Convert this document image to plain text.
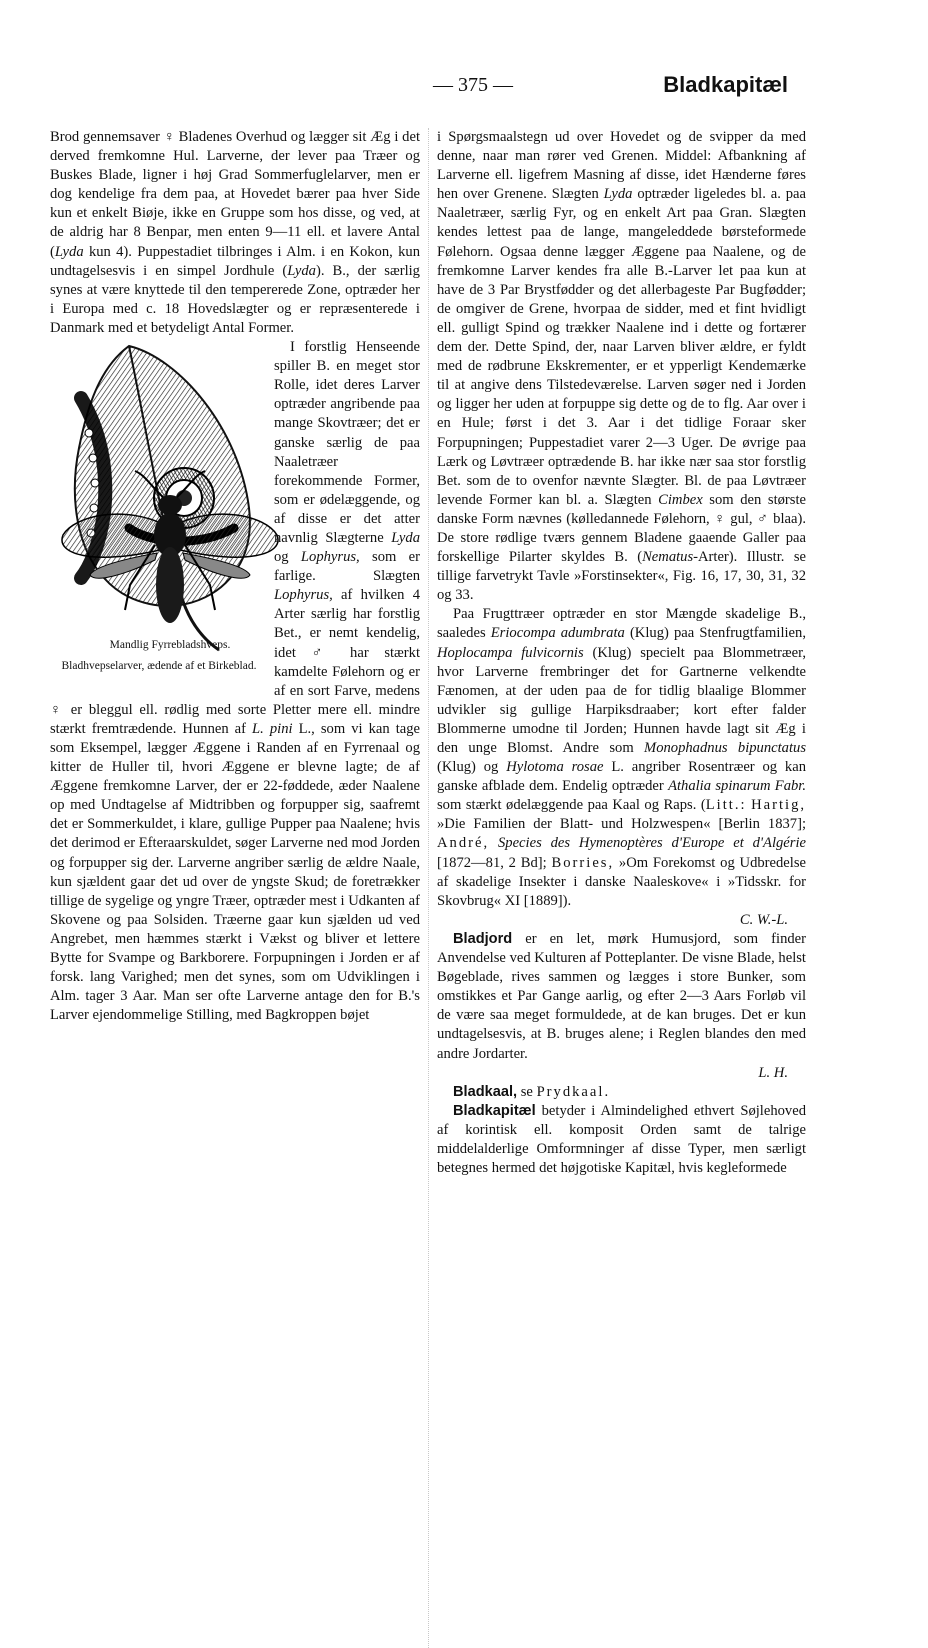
— 375 —	Bladkapitæl

Brod gennemsaver ♀ Bladenes Overhud og lægger sit Æg i det derved fremkomne Hul. Larverne, der lever paa Træer og Buskes Blade, ligner i høj Grad Sommerfuglelarver, men er dog kendelige fra dem paa, at Hovedet bærer paa hver Side kun et enkelt Biøje, ikke en Gruppe som hos disse, og ved, at de aldrig har 8 Benpar, men enten 9—11 ell. et lavere Antal (Lyda kun 4). Puppestadiet tilbringes i Alm. i en Kokon, kun undtagelsesvis i en simpel Jordhule (Lyda). B., der særlig synes at være knyttede til den tempererede Zone, optræder her i Europa med c. 18 Hovedslægter og er repræsenterede i Danmark med et betydeligt Antal Former.

Bladhvepselarver, ædende af et Birkeblad.

I forstlig Henseende spiller B. en meget stor Rolle, idet deres Larver optræder angribende paa mange Skovtræer; det er ganske særlig de paa Naaletræer forekommende Former, som er ødelæggende, og af disse er det atter navnlig Slægterne Lyda og Lophyrus, som er farlige. Slægten Lophyrus, af hvilken 4 Arter særlig har forstlig Bet., er nemt kendelig, idet ♂ har stærkt kamdelte Følehorn og er af en sort Farve, medens ♀ er bleggul ell. rødlig med sorte Pletter mere ell. mindre stærkt fremtrædende. Hunnen af L. pini L., som vi kan tage som Eksempel, lægger Æggene i Randen af en Fyrrenaal og kitter de Huller til, hvori Æggene er blevne lagte; de af Æggene fremkomne Larver, der er 22-føddede, æder Naalene op med Undtagelse af Midtribben og forpupper sig, saafremt det er Sommerkuldet, i klare, gullige Pupper paa Naalene; hvis det derimod er Efteraarskuldet, søger Larverne ned mod Jorden og forpupper sig der. Larverne angriber særlig de ældre Naale, kun sjældent gaar det ud over de yngste Skud; de foretrækker tillige de sygelige og yngre Træer, optræder mest i Udkanten af Skovene og paa Solsiden. Træerne gaar kun sjælden ud ved Angrebet, men hæmmes stærkt i Vækst og bliver et lettere Bytte for Svampe og Barkborere. Forpupningen i Jorden er af forsk. lang Varighed; men det synes, som om Udviklingen i Alm. tager 3 Aar. Man ser ofte Larverne antage den for B.'s Larver ejendommelige Stilling, med Bagkroppen bøjet

Mandlig Fyrrebladshveps.

i Spørgsmaalstegn ud over Hovedet og de svipper da med denne, naar man rører ved Grenen. Middel: Afbankning af Larverne ell. ligefrem Masning af disse, idet Hænderne føres hen over Grenene. Slægten Lyda optræder ligeledes bl. a. paa Naaletræer, særlig Fyr, og en enkelt Art paa Gran. Slægten kendes lettest paa de lange, mangeleddede børsteformede Følehorn. Ogsaa denne lægger Æggene paa Naalene, og de fremkomne Larver kendes fra alle B.-Larver let paa kun at have de 3 Par Brystfødder og det allerbageste Par Bugfødder; de omgiver de Grene, hvorpaa de sidder, med et fint hvidligt ell. gulligt Spind og trækker Naalene ind i dette og fortærer dem der. Dette Spind, der, naar Larven bliver ældre, er fyldt med de rødbrune Ekskrementer, er et ypperligt Kendemærke til at angive dens Tilstedeværelse. Larven søger ned i Jorden og ligger her uden at forpuppe sig dette og de to flg. Aar over i en Hule; først i det 3. Aar i det tidlige Foraar sker Forpupningen; Puppestadiet varer 2—3 Uger. De øvrige paa Lærk og Løvtræer optrædende B. har ikke nær saa stor forstlig Bet. som de to ovenfor nævnte Slægter. Bl. de paa Løvtræer levende Former kan bl. a. Slægten Cimbex som den største danske Form nævnes (kølledannede Følehorn, ♀ gul, ♂ blaa). De store rødlige tværs gennem Bladene gaaende Galler paa forskellige Pilarter skyldes B. (Nematus-Arter). Illustr. se tillige farvetrykt Tavle »Forstinsekter«, Fig. 16, 17, 30, 31, 32 og 33.

Paa Frugttræer optræder en stor Mængde skadelige B., saaledes Eriocompa adumbrata (Klug) paa Stenfrugtfamilien, Hoplocampa fulvicornis (Klug) specielt paa Blommetræer, hvor Larverne frembringer det for Gartnerne velkendte Fænomen, at der uden paa de for tidlig blaalige Blommer udvikler sig gullige Harpiksdraaber; kort efter falder Blommerne umodne til Jorden; Hunnen havde lagt sit Æg i den unge Blomst. Andre som Monophadnus bipunctatus (Klug) og Hylotoma rosae L. angriber Rosentræer og kan ganske afblade dem. Endelig optræder Athalia spinarum Fabr. som stærkt ødelæggende paa Kaal og Raps. (Litt.: Hartig, »Die Familien der Blatt- und Holzwespen« [Berlin 1837]; André, Species des Hymenoptères d'Europe et d'Algérie [1872—81, 2 Bd]; Borries, »Om Forekomst og Udbredelse af skadelige Insekter i danske Naaleskove« i »Tidsskr. for Skovbrug« XI [1889]).

C. W.-L.

Bladjord er en let, mørk Humusjord, som finder Anvendelse ved Kulturen af Potteplanter. De visne Blade, helst Bøgeblade, rives sammen og lægges i store Bunker, som omstikkes et Par Gange aarlig, og efter 2—3 Aars Forløb vil de være saa meget formuldede, at de kan bruges. Det er kun undtagelsesvis, at B. bruges alene; i Reglen blandes den med andre Jordarter.

L. H.

Bladkaal, se Prydkaal.

Bladkapitæl betyder i Almindelighed ethvert Søjlehoved af korintisk ell. komposit Orden samt de talrige middelalderlige Omformninger af disse Typer, men særligt betegnes hermed det højgotiske Kapitæl, hvis kegleformede
